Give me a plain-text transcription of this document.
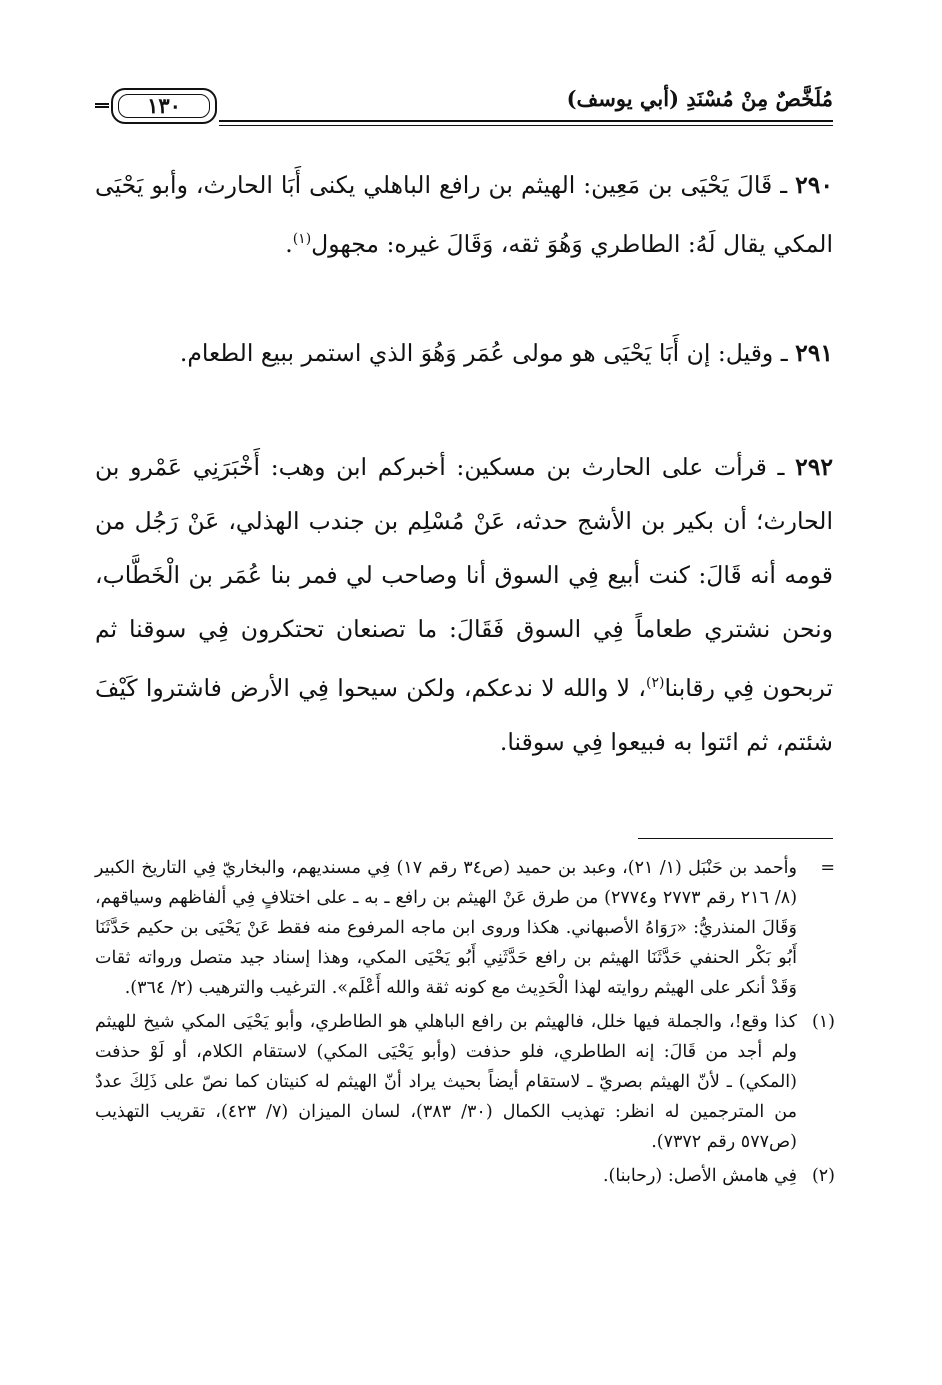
١٣٠	مُلَخَّصٌ مِنْ مُسْنَدِ (أبي يوسف)

٢٩٠ ـ قَالَ يَحْيَى بن مَعِين: الهيثم بن رافع الباهلي يكنى أَبَا الحارث، وأبو يَحْيَى المكي يقال لَهُ: الطاطري وَهُوَ ثقه، وَقَالَ غيره: مجهول$^{(١)}$.

٢٩١ ـ وقيل: إن أَبَا يَحْيَى هو مولى عُمَر وَهُوَ الذي استمر ببيع الطعام.

٢٩٢ ـ قرأت على الحارث بن مسكين: أخبركم ابن وهب: أَخْبَرَنِي عَمْرو بن الحارث؛ أن بكير بن الأشج حدثه، عَنْ مُسْلِم بن جندب الهذلي، عَنْ رَجُل من قومه أنه قَالَ: كنت أبيع فِي السوق أنا وصاحب لي فمر بنا عُمَر بن الْخَطَّاب، ونحن نشتري طعاماً فِي السوق فَقَالَ: ما تصنعان تحتكرون فِي سوقنا ثم تربحون فِي رقابنا$^{(٢)}$، لا والله لا ندعكم، ولكن سيحوا فِي الأرض فاشتروا كَيْفَ شئتم، ثم ائتوا به فبيعوا فِي سوقنا.

=
وأحمد بن حَنْبَل (١/ ٢١)، وعبد بن حميد (ص٣٤ رقم ١٧) فِي مسنديهم، والبخاريّ فِي التاريخ الكبير (٨/ ٢١٦ رقم ٢٧٧٣ و٢٧٧٤) من طرق عَنْ الهيثم بن رافع ـ به ـ على اختلافٍ فِي ألفاظهم وسياقهم، وَقَالَ المنذريُّ: «رَوَاهُ الأصبهاني. هكذا وروى ابن ماجه المرفوع منه فقط عَنْ يَحْيَى بن حكيم حَدَّثَنَا أَبُو بَكْر الحنفي حَدَّثَنَا الهيثم بن رافع حَدَّثَنِي أَبُو يَحْيَى المكي، وهذا إسناد جيد متصل ورواته ثقات وَقَدْ أنكر على الهيثم روايته لهذا الْحَدِيث مع كونه ثقة والله أَعْلَم». الترغيب والترهيب (٢/ ٣٦٤).
(١)
كذا وقع!، والجملة فيها خلل، فالهيثم بن رافع الباهلي هو الطاطري، وأبو يَحْيَى المكي شيخ للهيثم ولم أجد من قَالَ: إنه الطاطري، فلو حذفت (وأبو يَحْيَى المكي) لاستقام الكلام، أو لَوْ حذفت (المكي) ـ لأنّ الهيثم بصريّ ـ لاستقام أيضاً بحيث يراد أنّ الهيثم له كنيتان كما نصّ على ذَلِكَ عددٌ من المترجمين له انظر: تهذيب الكمال (٣٠/ ٣٨٣)، لسان الميزان (٧/ ٤٢٣)، تقريب التهذيب (ص٥٧٧ رقم ٧٣٧٢).
(٢)
فِي هامش الأصل: (رحابنا).
